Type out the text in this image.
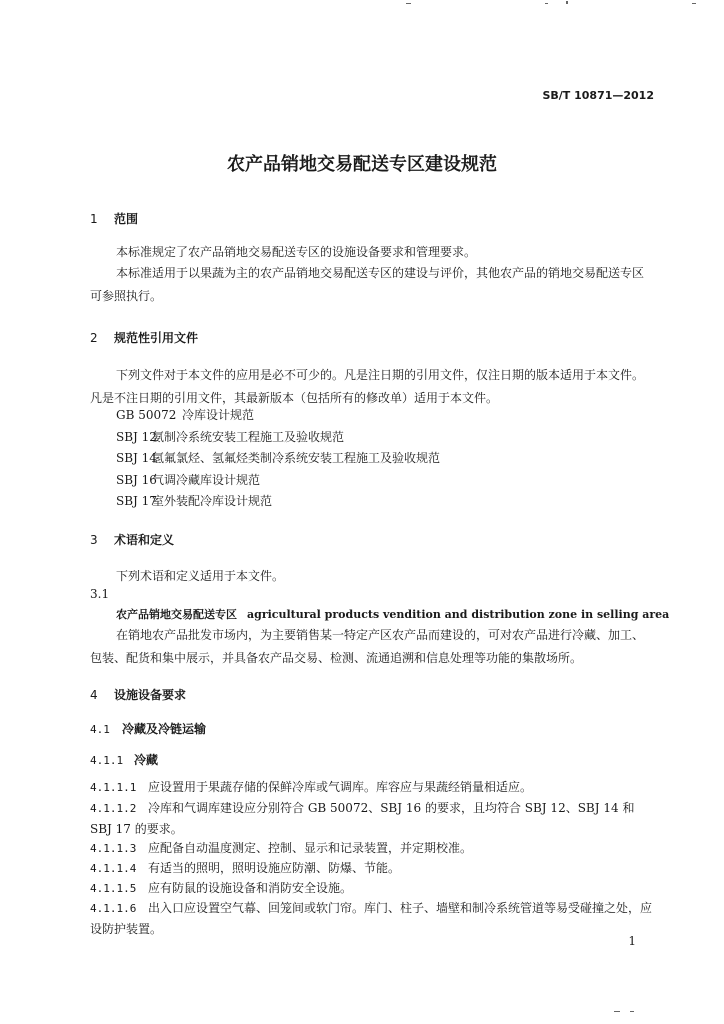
SB/T 10871—2012
农产品销地交易配送专区建设规范
1 范围
本标准规定了农产品销地交易配送专区的设施设备要求和管理要求。
本标准适用于以果蔬为主的农产品销地交易配送专区的建设与评价，其他农产品的销地交易配送专区可参照执行。
2 规范性引用文件
下列文件对于本文件的应用是必不可少的。凡是注日期的引用文件，仅注日期的版本适用于本文件。凡是不注日期的引用文件，其最新版本（包括所有的修改单）适用于本文件。
GB 50072 冷库设计规范
SBJ 12氨制冷系统安装工程施工及验收规范
SBJ 14氢氟氯烃、氢氟烃类制冷系统安装工程施工及验收规范
SBJ 16气调冷藏库设计规范
SBJ 17室外装配冷库设计规范
3 术语和定义
下列术语和定义适用于本文件。
3.1
农产品销地交易配送专区 agricultural products vendition and distribution zone in selling area
在销地农产品批发市场内，为主要销售某一特定产区农产品而建设的，可对农产品进行冷藏、加工、包装、配货和集中展示，并具备农产品交易、检测、流通追溯和信息处理等功能的集散场所。
4 设施设备要求
4.1 冷藏及冷链运输
4.1.1 冷藏
4.1.1.1 应设置用于果蔬存储的保鲜冷库或气调库。库容应与果蔬经销量相适应。
4.1.1.2 冷库和气调库建设应分别符合 GB 50072、SBJ 16 的要求，且均符合 SBJ 12、SBJ 14 和 SBJ 17 的要求。
4.1.1.3 应配备自动温度测定、控制、显示和记录装置，并定期校准。
4.1.1.4 有适当的照明，照明设施应防潮、防爆、节能。
4.1.1.5 应有防鼠的设施设备和消防安全设施。
4.1.1.6 出入口应设置空气幕、回笼间或软门帘。库门、柱子、墙壁和制冷系统管道等易受碰撞之处，应设防护装置。
1
